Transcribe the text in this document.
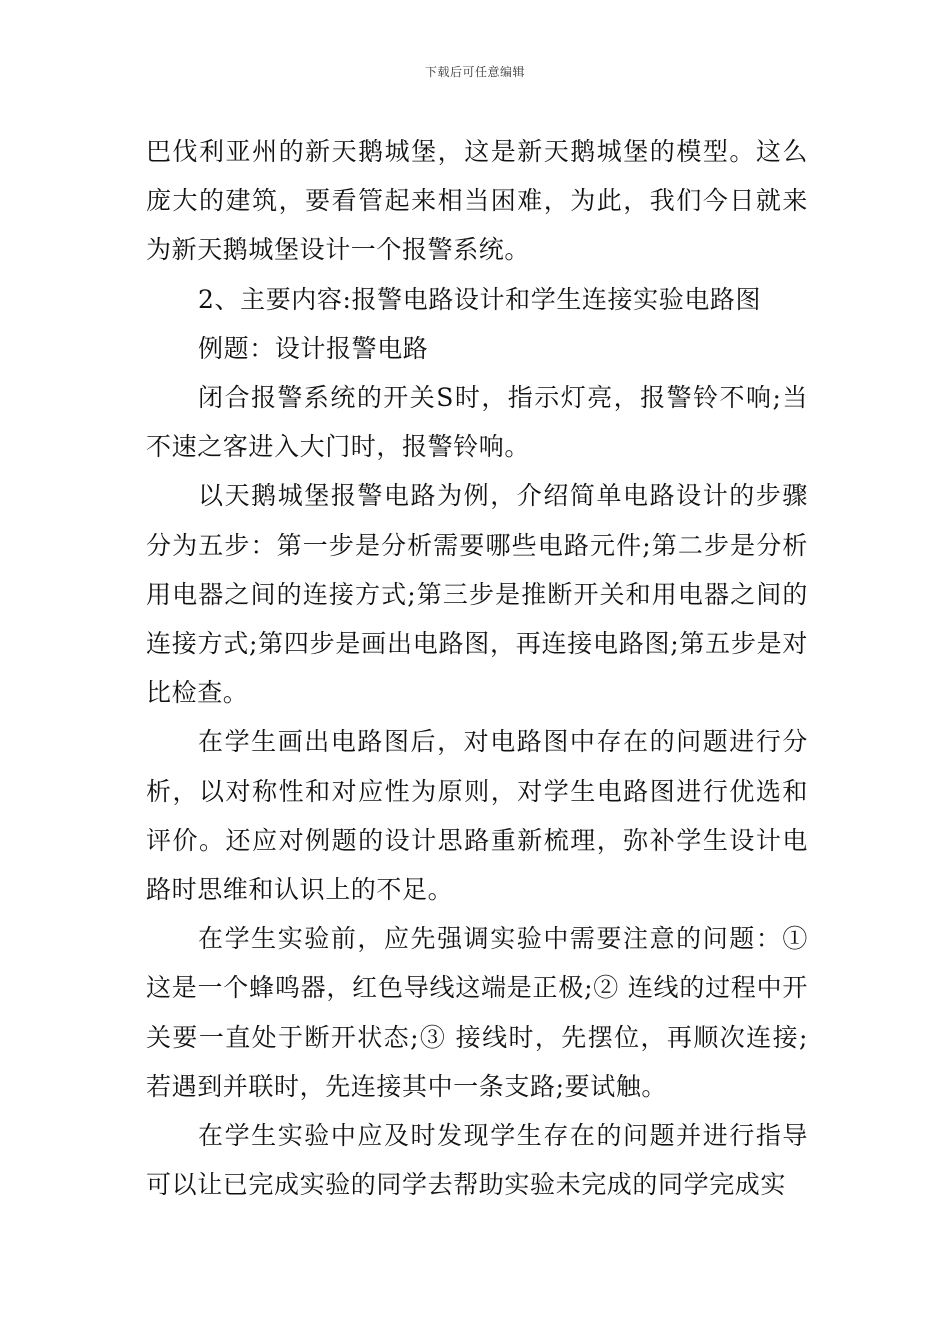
下载后可任意编辑

巴伐利亚州的新天鹅城堡，这是新天鹅城堡的模型。这么庞大的建筑，要看管起来相当困难，为此，我们今日就来为新天鹅城堡设计一个报警系统。

2、主要内容:报警电路设计和学生连接实验电路图

例题：设计报警电路

闭合报警系统的开关S时，指示灯亮，报警铃不响;当不速之客进入大门时，报警铃响。

以天鹅城堡报警电路为例，介绍简单电路设计的步骤分为五步：第一步是分析需要哪些电路元件;第二步是分析用电器之间的连接方式;第三步是推断开关和用电器之间的连接方式;第四步是画出电路图，再连接电路图;第五步是对比检查。

在学生画出电路图后，对电路图中存在的问题进行分析，以对称性和对应性为原则，对学生电路图进行优选和评价。还应对例题的设计思路重新梳理，弥补学生设计电路时思维和认识上的不足。

在学生实验前，应先强调实验中需要注意的问题：①这是一个蜂鸣器，红色导线这端是正极;② 连线的过程中开关要一直处于断开状态;③ 接线时，先摆位，再顺次连接;若遇到并联时，先连接其中一条支路;要试触。

在学生实验中应及时发现学生存在的问题并进行指导可以让已完成实验的同学去帮助实验未完成的同学完成实
